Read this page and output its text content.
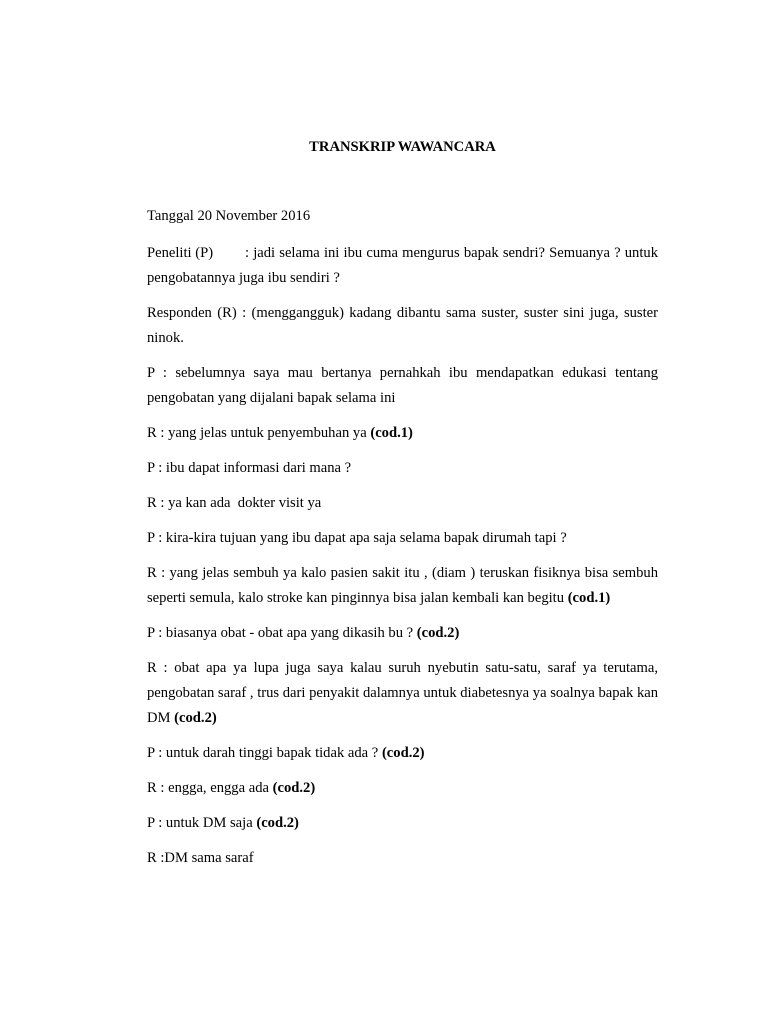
TRANSKRIP WAWANCARA

Tanggal 20 November 2016

Peneliti (P) : jadi selama ini ibu cuma mengurus bapak sendri? Semuanya ? untuk pengobatannya juga ibu sendiri ?

Responden (R) : (menggangguk) kadang dibantu sama suster, suster sini juga, suster ninok.

P : sebelumnya saya mau bertanya pernahkah ibu mendapatkan edukasi tentang pengobatan yang dijalani bapak selama ini

R : yang jelas untuk penyembuhan ya (cod.1)

P : ibu dapat informasi dari mana ?

R : ya kan ada  dokter visit ya

P : kira-kira tujuan yang ibu dapat apa saja selama bapak dirumah tapi ?

R : yang jelas sembuh ya kalo pasien sakit itu , (diam ) teruskan fisiknya bisa sembuh seperti semula, kalo stroke kan pinginnya bisa jalan kembali kan begitu (cod.1)

P : biasanya obat - obat apa yang dikasih bu ? (cod.2)

R : obat apa ya lupa juga saya kalau suruh nyebutin satu-satu, saraf ya terutama, pengobatan saraf , trus dari penyakit dalamnya untuk diabetesnya ya soalnya bapak kan DM (cod.2)

P : untuk darah tinggi bapak tidak ada ? (cod.2)

R : engga, engga ada (cod.2)

P : untuk DM saja (cod.2)

R :DM sama saraf
